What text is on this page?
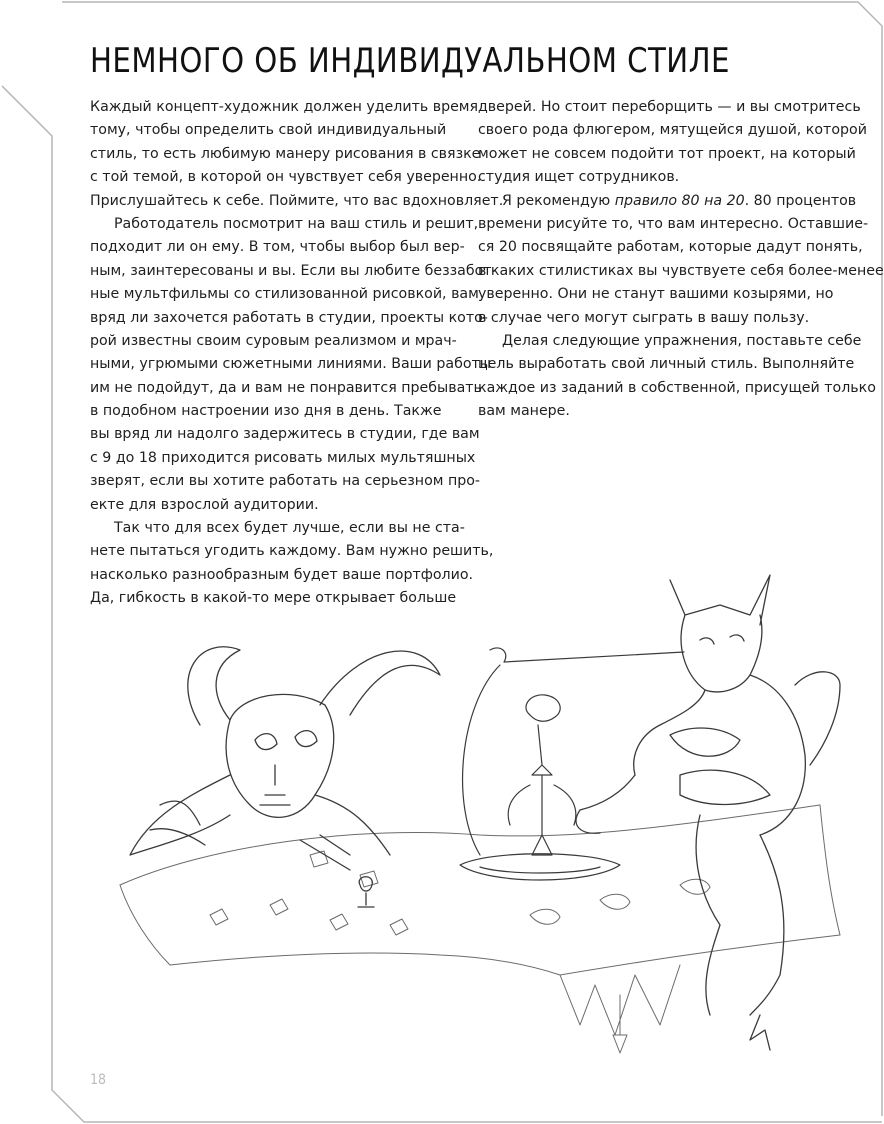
НЕМНОГО ОБ ИНДИВИДУАЛЬНОМ СТИЛЕ
Каждый концепт-художник должен уделить время
тому, чтобы определить свой индивидуальный
стиль, то есть любимую манеру рисования в связке
с той темой, в которой он чувствует себя уверенно.
Прислушайтесь к себе. Поймите, что вас вдохновляет.
Работодатель посмотрит на ваш стиль и решит,
подходит ли он ему. В том, чтобы выбор был вер-
ным, заинтересованы и вы. Если вы любите беззабот-
ные мультфильмы со стилизованной рисовкой, вам
вряд ли захочется работать в студии, проекты кото-
рой известны своим суровым реализмом и мрач-
ными, угрюмыми сюжетными линиями. Ваши работы
им не подойдут, да и вам не понравится пребывать
в подобном настроении изо дня в день. Также
вы вряд ли надолго задержитесь в студии, где вам
с 9 до 18 приходится рисовать милых мультяшных
зверят, если вы хотите работать на серьезном про-
екте для взрослой аудитории.
Так что для всех будет лучше, если вы не ста-
нете пытаться угодить каждому. Вам нужно решить,
насколько разнообразным будет ваше портфолио.
Да, гибкость в какой-то мере открывает больше
дверей. Но стоит переборщить — и вы смотритесь
своего рода флюгером, мятущейся душой, которой
может не совсем подойти тот проект, на который
студия ищет сотрудников.
Я рекомендую правило 80 на 20. 80 процентов
времени рисуйте то, что вам интересно. Оставшие-
ся 20 посвящайте работам, которые дадут понять,
в каких стилистиках вы чувствуете себя более-менее
уверенно. Они не станут вашими козырями, но
в случае чего могут сыграть в вашу пользу.
Делая следующие упражнения, поставьте себе
цель выработать свой личный стиль. Выполняйте
каждое из заданий в собственной, присущей только
вам манере.
18
